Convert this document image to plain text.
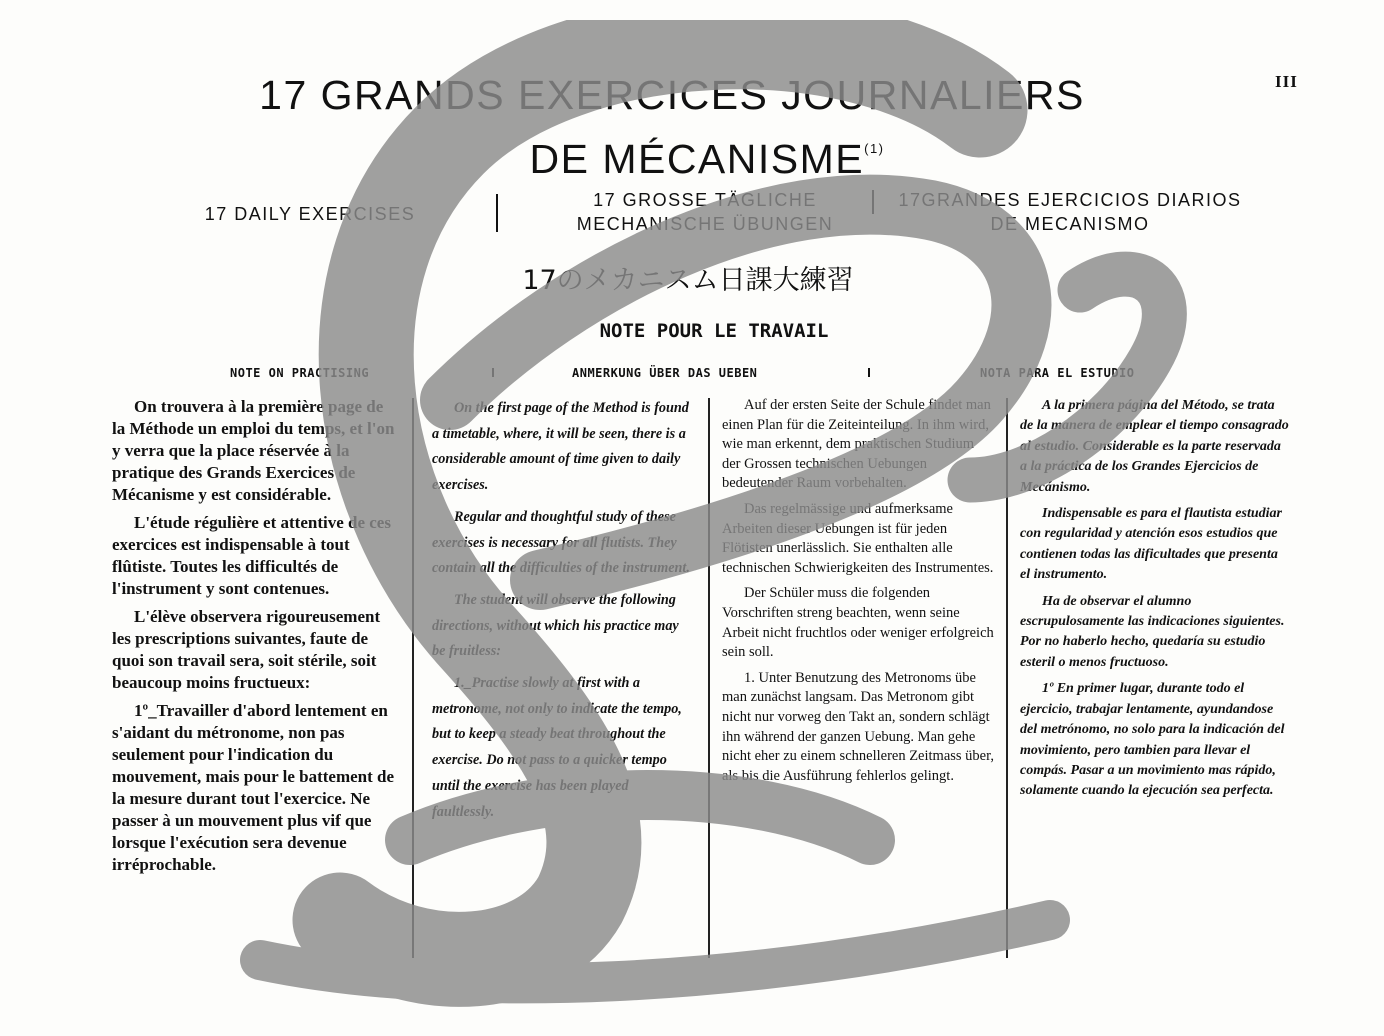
17 GRANDS EXERCICES JOURNALIERS
DE MÉCANISME$^{(1)}$
III
17 DAILY EXERCISES
17 GROSSE TÄGLICHE
MECHANISCHE ÜBUNGEN
17GRANDES EJERCICIOS DIARIOS
DE MECANISMO
17のメカニスム日課大練習
NOTE POUR LE TRAVAIL
NOTE ON PRACTISING	ANMERKUNG ÜBER DAS UEBEN	NOTA PARA EL ESTUDIO

On trouvera à la première page de la Méthode un emploi du temps, et l'on y verra que la place réservée à la pratique des Grands Exercices de Mécanisme y est considérable.

L'étude régulière et attentive de ces exercices est indispensable à tout flûtiste. Toutes les difficultés de l'instrument y sont contenues.

L'élève observera rigoureusement les prescriptions suivantes, faute de quoi son travail sera, soit stérile, soit beaucoup moins fructueux:

1º_Travailler d'abord lentement en s'aidant du métronome, non pas seulement pour l'indication du mouvement, mais pour le battement de la mesure durant tout l'exercice. Ne passer à un mouvement plus vif que lorsque l'exécution sera devenue irréprochable.

On the first page of the Method is found a timetable, where, it will be seen, there is a considerable amount of time given to daily exercises.

Regular and thoughtful study of these exercises is necessary for all flutists. They contain all the difficulties of the instrument.

The student will observe the following directions, without which his practice may be fruitless:

1._Practise slowly at first with a metronome, not only to indicate the tempo, but to keep a steady beat throughout the exercise. Do not pass to a quicker tempo until the exercise has been played faultlessly.

Auf der ersten Seite der Schule findet man einen Plan für die Zeiteinteilung. In ihm wird, wie man erkennt, dem praktischen Studium der Grossen technischen Uebungen bedeutender Raum vorbehalten.

Das regelmässige und aufmerksame Arbeiten dieser Uebungen ist für jeden Flötisten unerlässlich. Sie enthalten alle technischen Schwierigkeiten des Instrumentes.

Der Schüler muss die folgenden Vorschriften streng beachten, wenn seine Arbeit nicht fruchtlos oder weniger erfolgreich sein soll.

1. Unter Benutzung des Metronoms übe man zunächst langsam. Das Metronom gibt nicht nur vorweg den Takt an, sondern schlägt ihn während der ganzen Uebung. Man gehe nicht eher zu einem schnelleren Zeitmass über, als bis die Ausführung fehlerlos gelingt.

A la primera página del Método, se trata de la manera de emplear el tiempo consagrado al estudio. Considerable es la parte reservada a la práctica de los Grandes Ejercicios de Mecánismo.

Indispensable es para el flautista estudiar con regularidad y atención esos estudios que contienen todas las dificultades que presenta el instrumento.

Ha de observar el alumno escrupulosamente las indicaciones siguientes. Por no haberlo hecho, quedaría su estudio esteril o menos fructuoso.

1º En primer lugar, durante todo el ejercicio, trabajar lentamente, ayundandose del metrónomo, no solo para la indicación del movimiento, pero tambien para llevar el compás. Pasar a un movimiento mas rápido, solamente cuando la ejecución sea perfecta.
